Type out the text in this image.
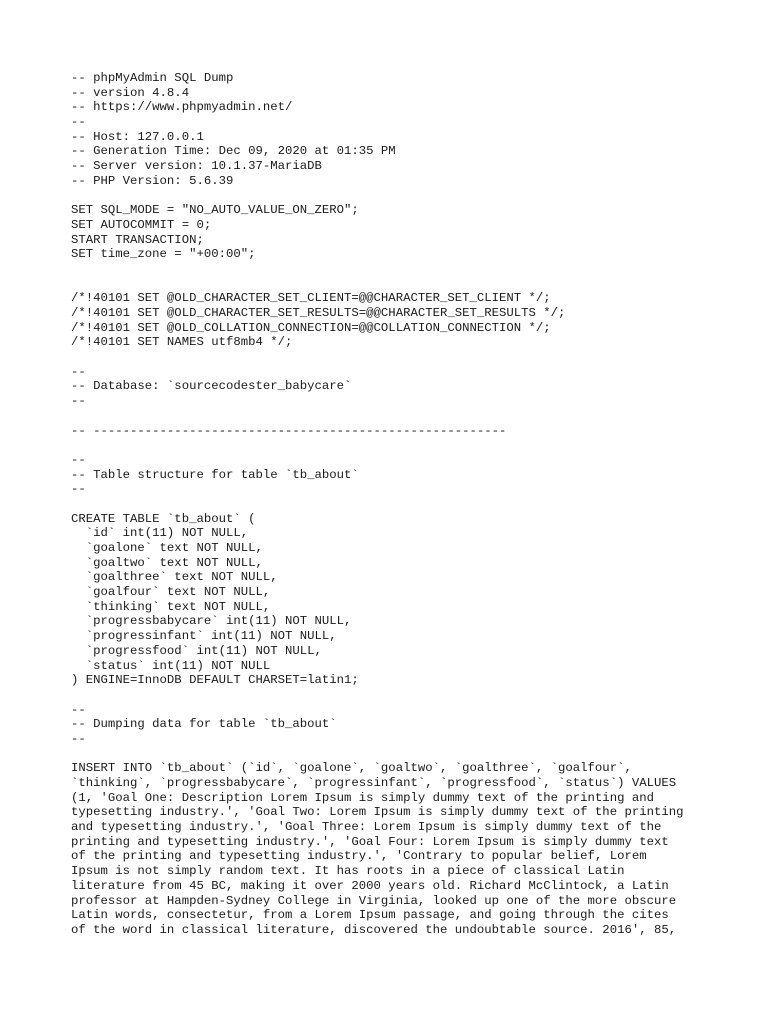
-- phpMyAdmin SQL Dump
-- version 4.8.4
-- https://www.phpmyadmin.net/
--
-- Host: 127.0.0.1
-- Generation Time: Dec 09, 2020 at 01:35 PM
-- Server version: 10.1.37-MariaDB
-- PHP Version: 5.6.39
SET SQL_MODE = "NO_AUTO_VALUE_ON_ZERO";
SET AUTOCOMMIT = 0;
START TRANSACTION;
SET time_zone = "+00:00";
/*!40101 SET @OLD_CHARACTER_SET_CLIENT=@@CHARACTER_SET_CLIENT */;
/*!40101 SET @OLD_CHARACTER_SET_RESULTS=@@CHARACTER_SET_RESULTS */;
/*!40101 SET @OLD_COLLATION_CONNECTION=@@COLLATION_CONNECTION */;
/*!40101 SET NAMES utf8mb4 */;
--
-- Database: `sourcecodester_babycare`
--
-- --------------------------------------------------------
--
-- Table structure for table `tb_about`
--
CREATE TABLE `tb_about` (
`id` int(11) NOT NULL,
`goalone` text NOT NULL,
`goaltwo` text NOT NULL,
`goalthree` text NOT NULL,
`goalfour` text NOT NULL,
`thinking` text NOT NULL,
`progressbabycare` int(11) NOT NULL,
`progressinfant` int(11) NOT NULL,
`progressfood` int(11) NOT NULL,
`status` int(11) NOT NULL
) ENGINE=InnoDB DEFAULT CHARSET=latin1;
--
-- Dumping data for table `tb_about`
--
INSERT INTO `tb_about` (`id`, `goalone`, `goaltwo`, `goalthree`, `goalfour`,
`thinking`, `progressbabycare`, `progressinfant`, `progressfood`, `status`) VALUES
(1, 'Goal One: Description Lorem Ipsum is simply dummy text of the printing and
typesetting industry.', 'Goal Two: Lorem Ipsum is simply dummy text of the printing
and typesetting industry.', 'Goal Three: Lorem Ipsum is simply dummy text of the
printing and typesetting industry.', 'Goal Four: Lorem Ipsum is simply dummy text
of the printing and typesetting industry.', 'Contrary to popular belief, Lorem
Ipsum is not simply random text. It has roots in a piece of classical Latin
literature from 45 BC, making it over 2000 years old. Richard McClintock, a Latin
professor at Hampden-Sydney College in Virginia, looked up one of the more obscure
Latin words, consectetur, from a Lorem Ipsum passage, and going through the cites
of the word in classical literature, discovered the undoubtable source. 2016', 85,
